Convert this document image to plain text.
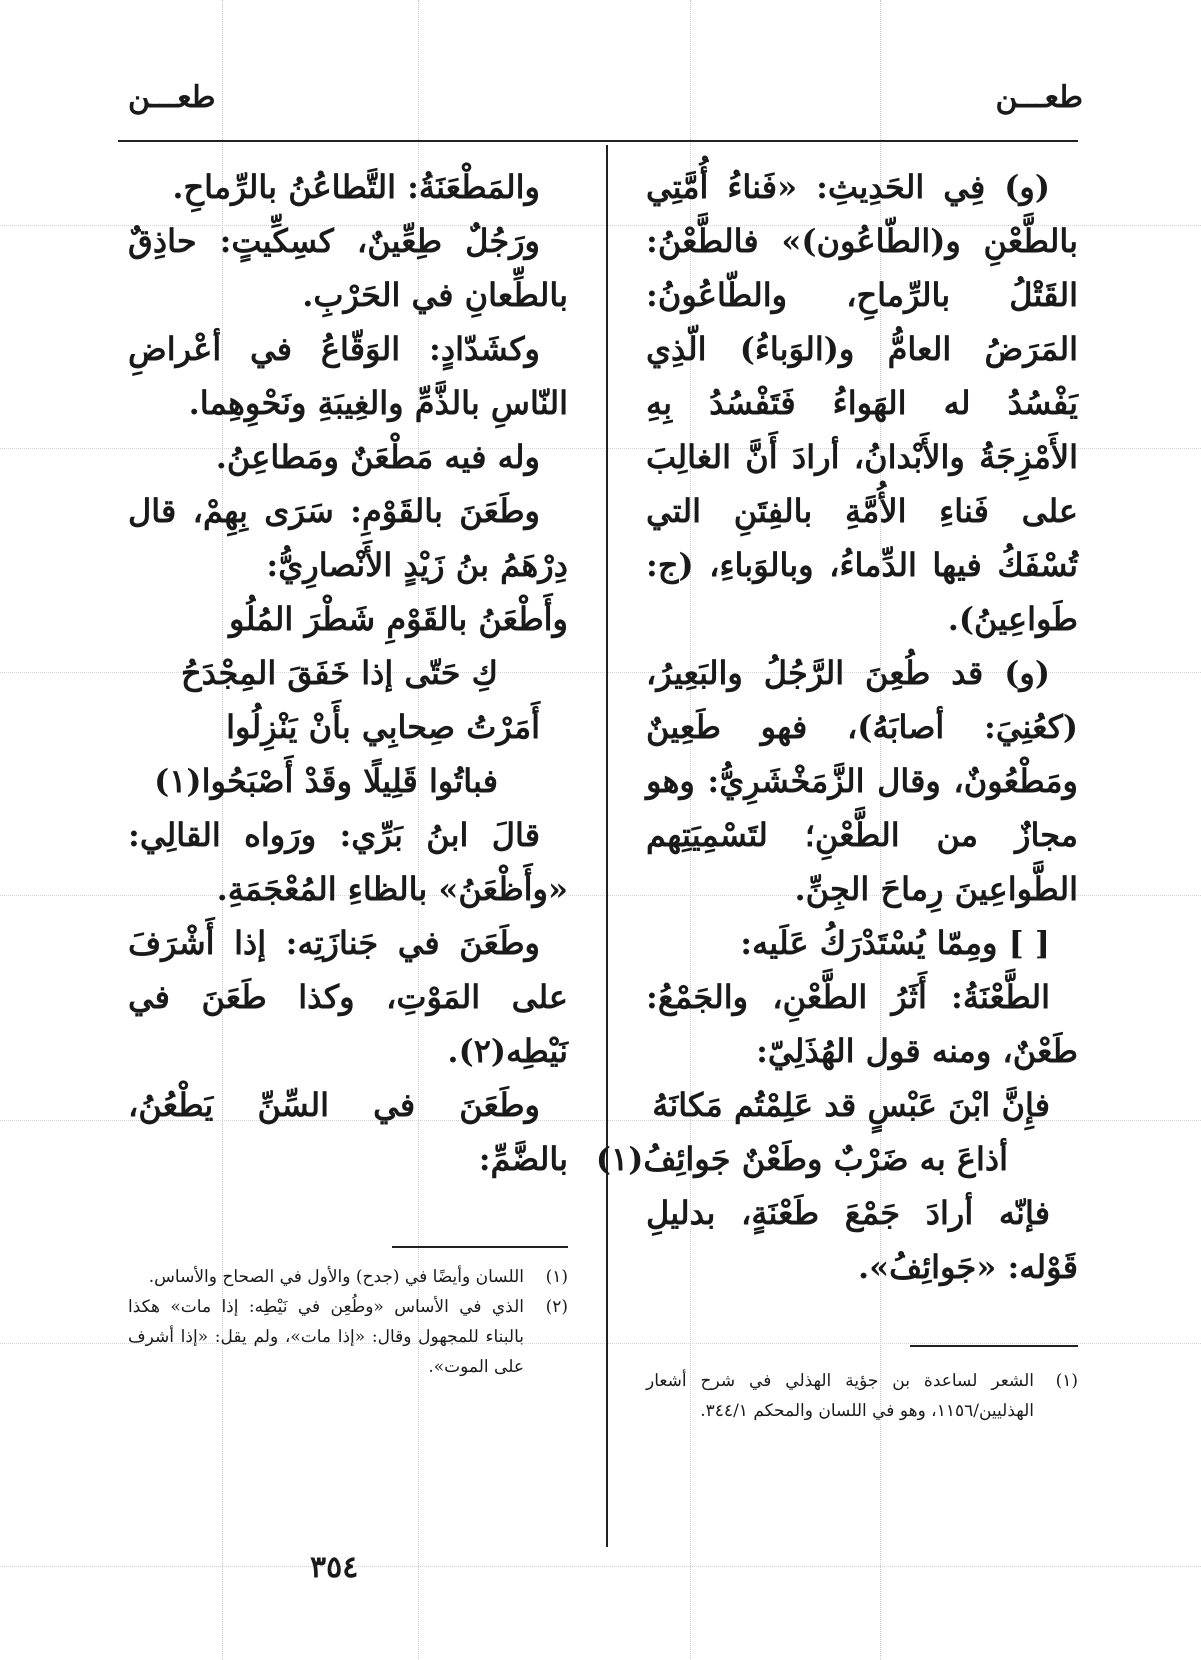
طعـــن
طعـــن

(و) فِي الحَدِيثِ: «فَناءُ أُمَّتِي بالطَّعْنِ و(الطّاعُون)» فالطَّعْنُ: القَتْلُ بالرِّماحِ، والطّاعُونُ: المَرَضُ العامُّ و(الوَباءُ) الّذِي يَفْسُدُ له الهَواءُ فَتَفْسُدُ بِهِ الأَمْزِجَةُ والأَبْدانُ، أرادَ أَنَّ الغالِبَ على فَناءِ الأُمَّةِ بالفِتَنِ التي تُسْفَكُ فيها الدِّماءُ، وبالوَباءِ، (ج: طَواعِينُ).

(و) قد طُعِنَ الرَّجُلُ والبَعِيرُ، (كعُنِيَ: أصابَهُ)، فهو طَعِينٌ ومَطْعُونٌ، وقال الزَّمَخْشَرِيُّ: وهو مجازٌ من الطَّعْنِ؛ لتَسْمِيَتِهم الطَّواعِينَ رِماحَ الجِنِّ.

[ ] ومِمّا يُسْتَدْرَكُ عَلَيه:

الطَّعْنَةُ: أَثَرُ الطَّعْنِ، والجَمْعُ: طَعْنٌ، ومنه قول الهُذَلِيّ:

فإِنَّ ابْنَ عَبْسٍ قد عَلِمْتُم مَكانَهُ
أذاعَ به ضَرْبٌ وطَعْنٌ جَوائِفُ(١)

فإنّه أرادَ جَمْعَ طَعْنَةٍ، بدليلِ قَوْله: «جَوائِفُ».

(١)
الشعر لساعدة بن جؤية الهذلي في شرح أشعار الهذليين/١١٥٦، وهو في اللسان والمحكم ٣٤٤/١.

والمَطْعَنَةُ: التَّطاعُنُ بالرِّماحِ.

ورَجُلٌ طِعِّينٌ، كسِكِّيتٍ: حاذِقٌ بالطِّعانِ في الحَرْبِ.

وكشَدّادٍ: الوَقّاعُ في أعْراضِ النّاسِ بالذَّمِّ والغِيبَةِ ونَحْوِهِما.

وله فيه مَطْعَنٌ ومَطاعِنُ.

وطَعَنَ بالقَوْمِ: سَرَى بِهِمْ، قال دِرْهَمُ بنُ زَيْدٍ الأَنْصارِيُّ:

وأَطْعَنُ بالقَوْمِ شَطْرَ المُلُو
كِ حَتّى إذا خَفَقَ المِجْدَحُ
أَمَرْتُ صِحابِي بأَنْ يَنْزِلُوا
فباتُوا قَلِيلًا وقَدْ أَصْبَحُوا(١)

قالَ ابنُ بَرِّي: ورَواه القالِي: «وأَظْعَنُ» بالظاءِ المُعْجَمَةِ.

وطَعَنَ في جَنازَتِه: إذا أَشْرَفَ على المَوْتِ، وكذا طَعَنَ في نَيْطِه(٢).

وطَعَنَ في السِّنِّ يَطْعُنُ، بالضَّمِّ:

(١)
اللسان وأيضًا في (جدح) والأول في الصحاح والأساس.
(٢)
الذي في الأساس «وطُعِن في نَيْطِه: إذا مات» هكذا بالبناء للمجهول وقال: «إذا مات»، ولم يقل: «إذا أشرف على الموت».
٣٥٤
